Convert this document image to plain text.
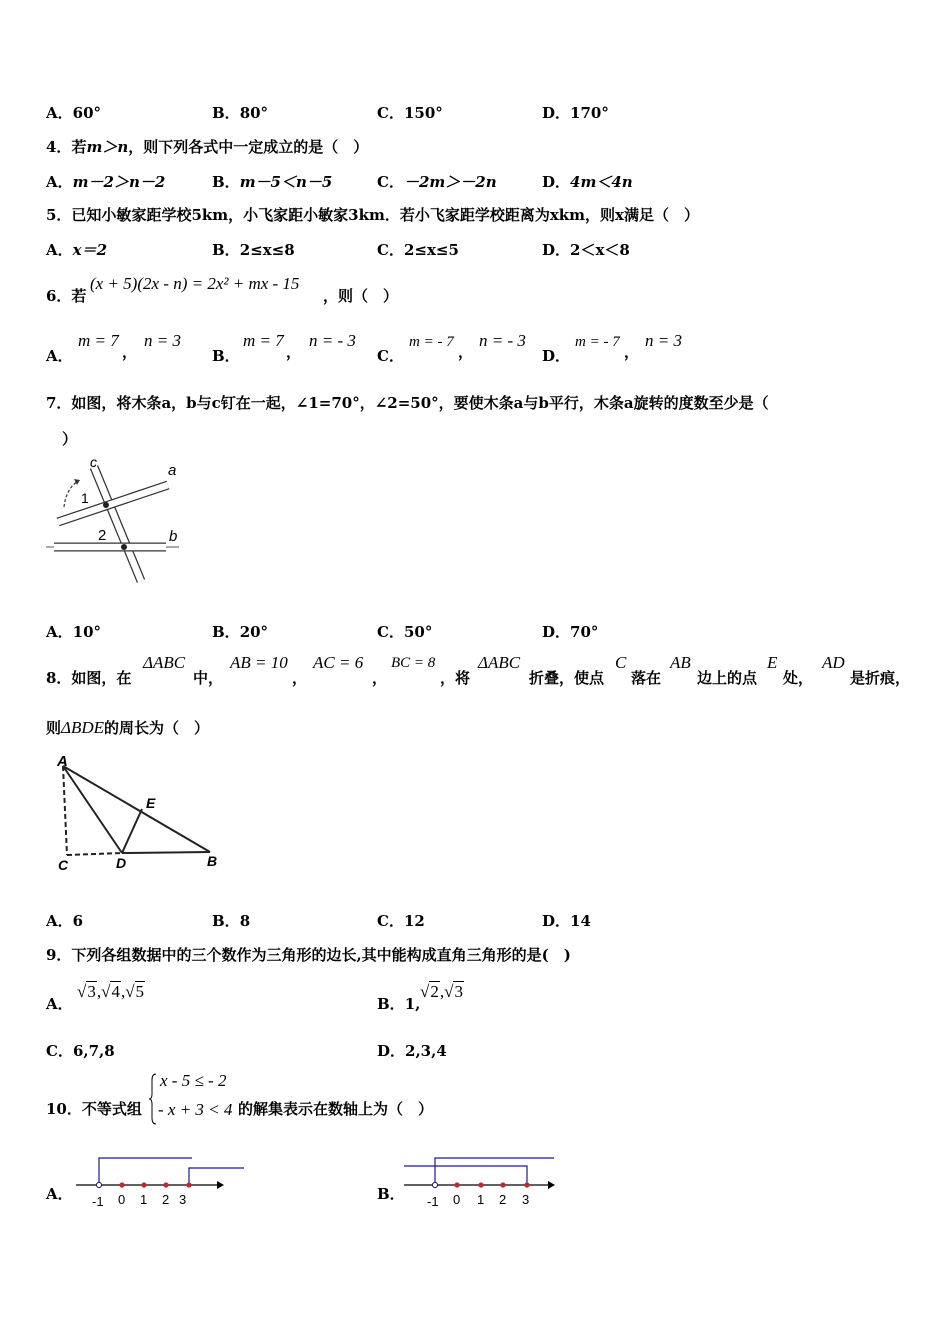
A．60°	B．80°	C．150°	D．170°
4．若m＞n，则下列各式中一定成立的是（　）
A．m－2＞n－2	B．m－5＜n－5	C．－2m＞－2n	D．4m＜4n
5．已知小敏家距学校5km，小飞家距小敏家3km．若小飞家距学校距离为xkm，则x满足（　）
A．x＝2	B．2≤x≤8	C．2≤x≤5	D．2＜x＜8
6．若
(x + 5)(2x - n) = 2x² + mx - 15
，则（　）
A．
m = 7
，
n = 3
B．
m = 7
，
n = - 3
C．
m = - 7
，
n = - 3
D．
m = - 7
，
n = 3
7．如图，将木条a，b与c钉在一起，∠1=70°，∠2=50°，要使木条a与b平行，木条a旋转的度数至少是（
）
c	a
b
1
2
A．10°	B．20°	C．50°	D．70°
8．如图，在
ΔABC
中，
AB = 10
，
AC = 6
，
BC = 8
，将
ΔABC
折叠，使点
C
落在
AB
边上的点
E
处，
AD
是折痕，
则ΔBDE的周长为（　）
A
E
C	D	B
A．6	B．8	C．12	D．14
9．下列各组数据中的三个数作为三角形的边长,其中能构成直角三角形的是(　)
A．
√3,√4,√5
B．1,
√2,√3
C．6,7,8	D．2,3,4
10．不等式组
x - 5 ≤ - 2
- x + 3 < 4 的解集表示在数轴上为（　）
A． -1 0 1 2 3	B． -1 0 1 2 3
